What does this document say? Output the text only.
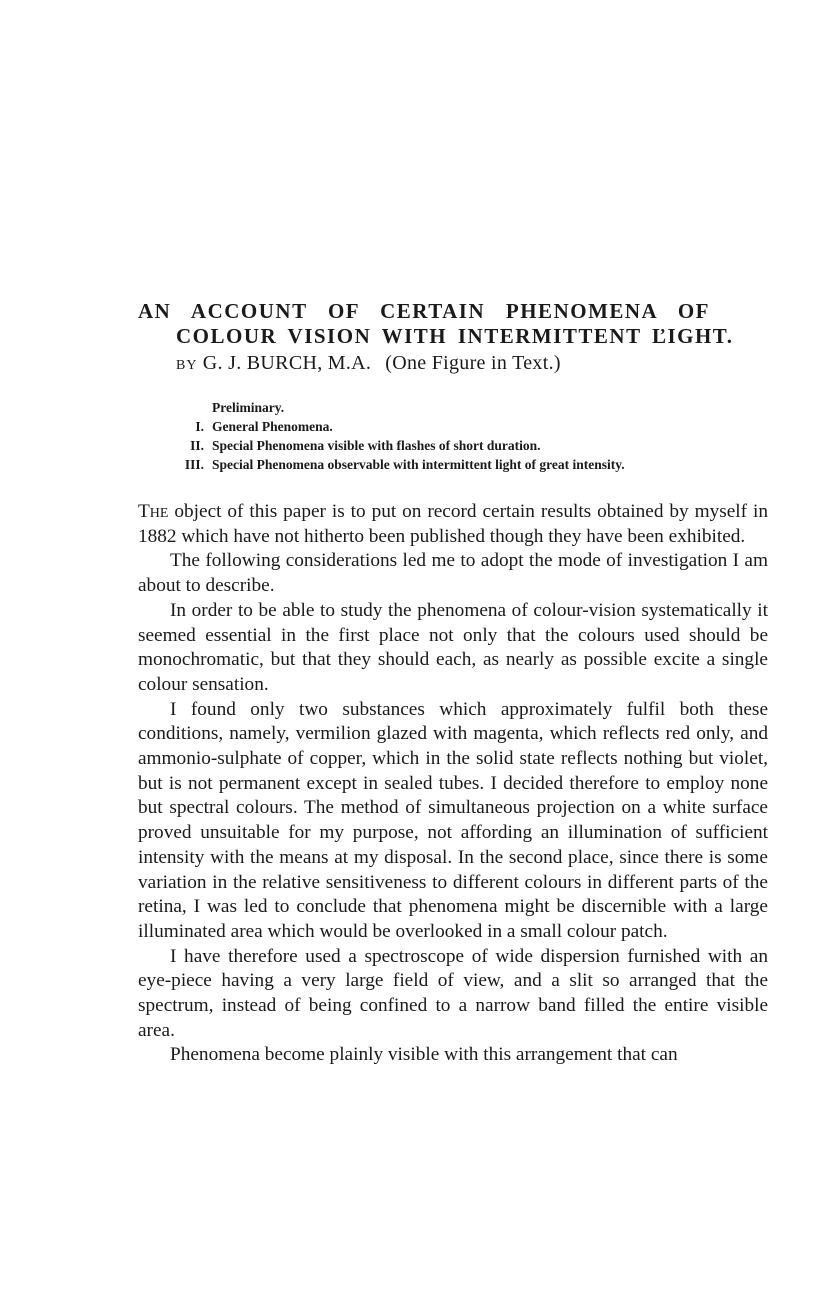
AN ACCOUNT OF CERTAIN PHENOMENA OF
COLOUR VISION WITH INTERMITTENT ĽIGHT.
BY G. J. BURCH, M.A. (One Figure in Text.)
Preliminary.
I. General Phenomena.
II. Special Phenomena visible with flashes of short duration.
III. Special Phenomena observable with intermittent light of great intensity.

The object of this paper is to put on record certain results obtained by myself in 1882 which have not hitherto been published though they have been exhibited.

The following considerations led me to adopt the mode of investigation I am about to describe.

In order to be able to study the phenomena of colour-vision systematically it seemed essential in the first place not only that the colours used should be monochromatic, but that they should each, as nearly as possible excite a single colour sensation.

I found only two substances which approximately fulfil both these conditions, namely, vermilion glazed with magenta, which reflects red only, and ammonio-sulphate of copper, which in the solid state reflects nothing but violet, but is not permanent except in sealed tubes. I decided therefore to employ none but spectral colours. The method of simultaneous projection on a white surface proved unsuitable for my purpose, not affording an illumination of sufficient intensity with the means at my disposal. In the second place, since there is some variation in the relative sensitiveness to different colours in different parts of the retina, I was led to conclude that phenomena might be discernible with a large illuminated area which would be overlooked in a small colour patch.

I have therefore used a spectroscope of wide dispersion furnished with an eye-piece having a very large field of view, and a slit so arranged that the spectrum, instead of being confined to a narrow band filled the entire visible area.

Phenomena become plainly visible with this arrangement that can
